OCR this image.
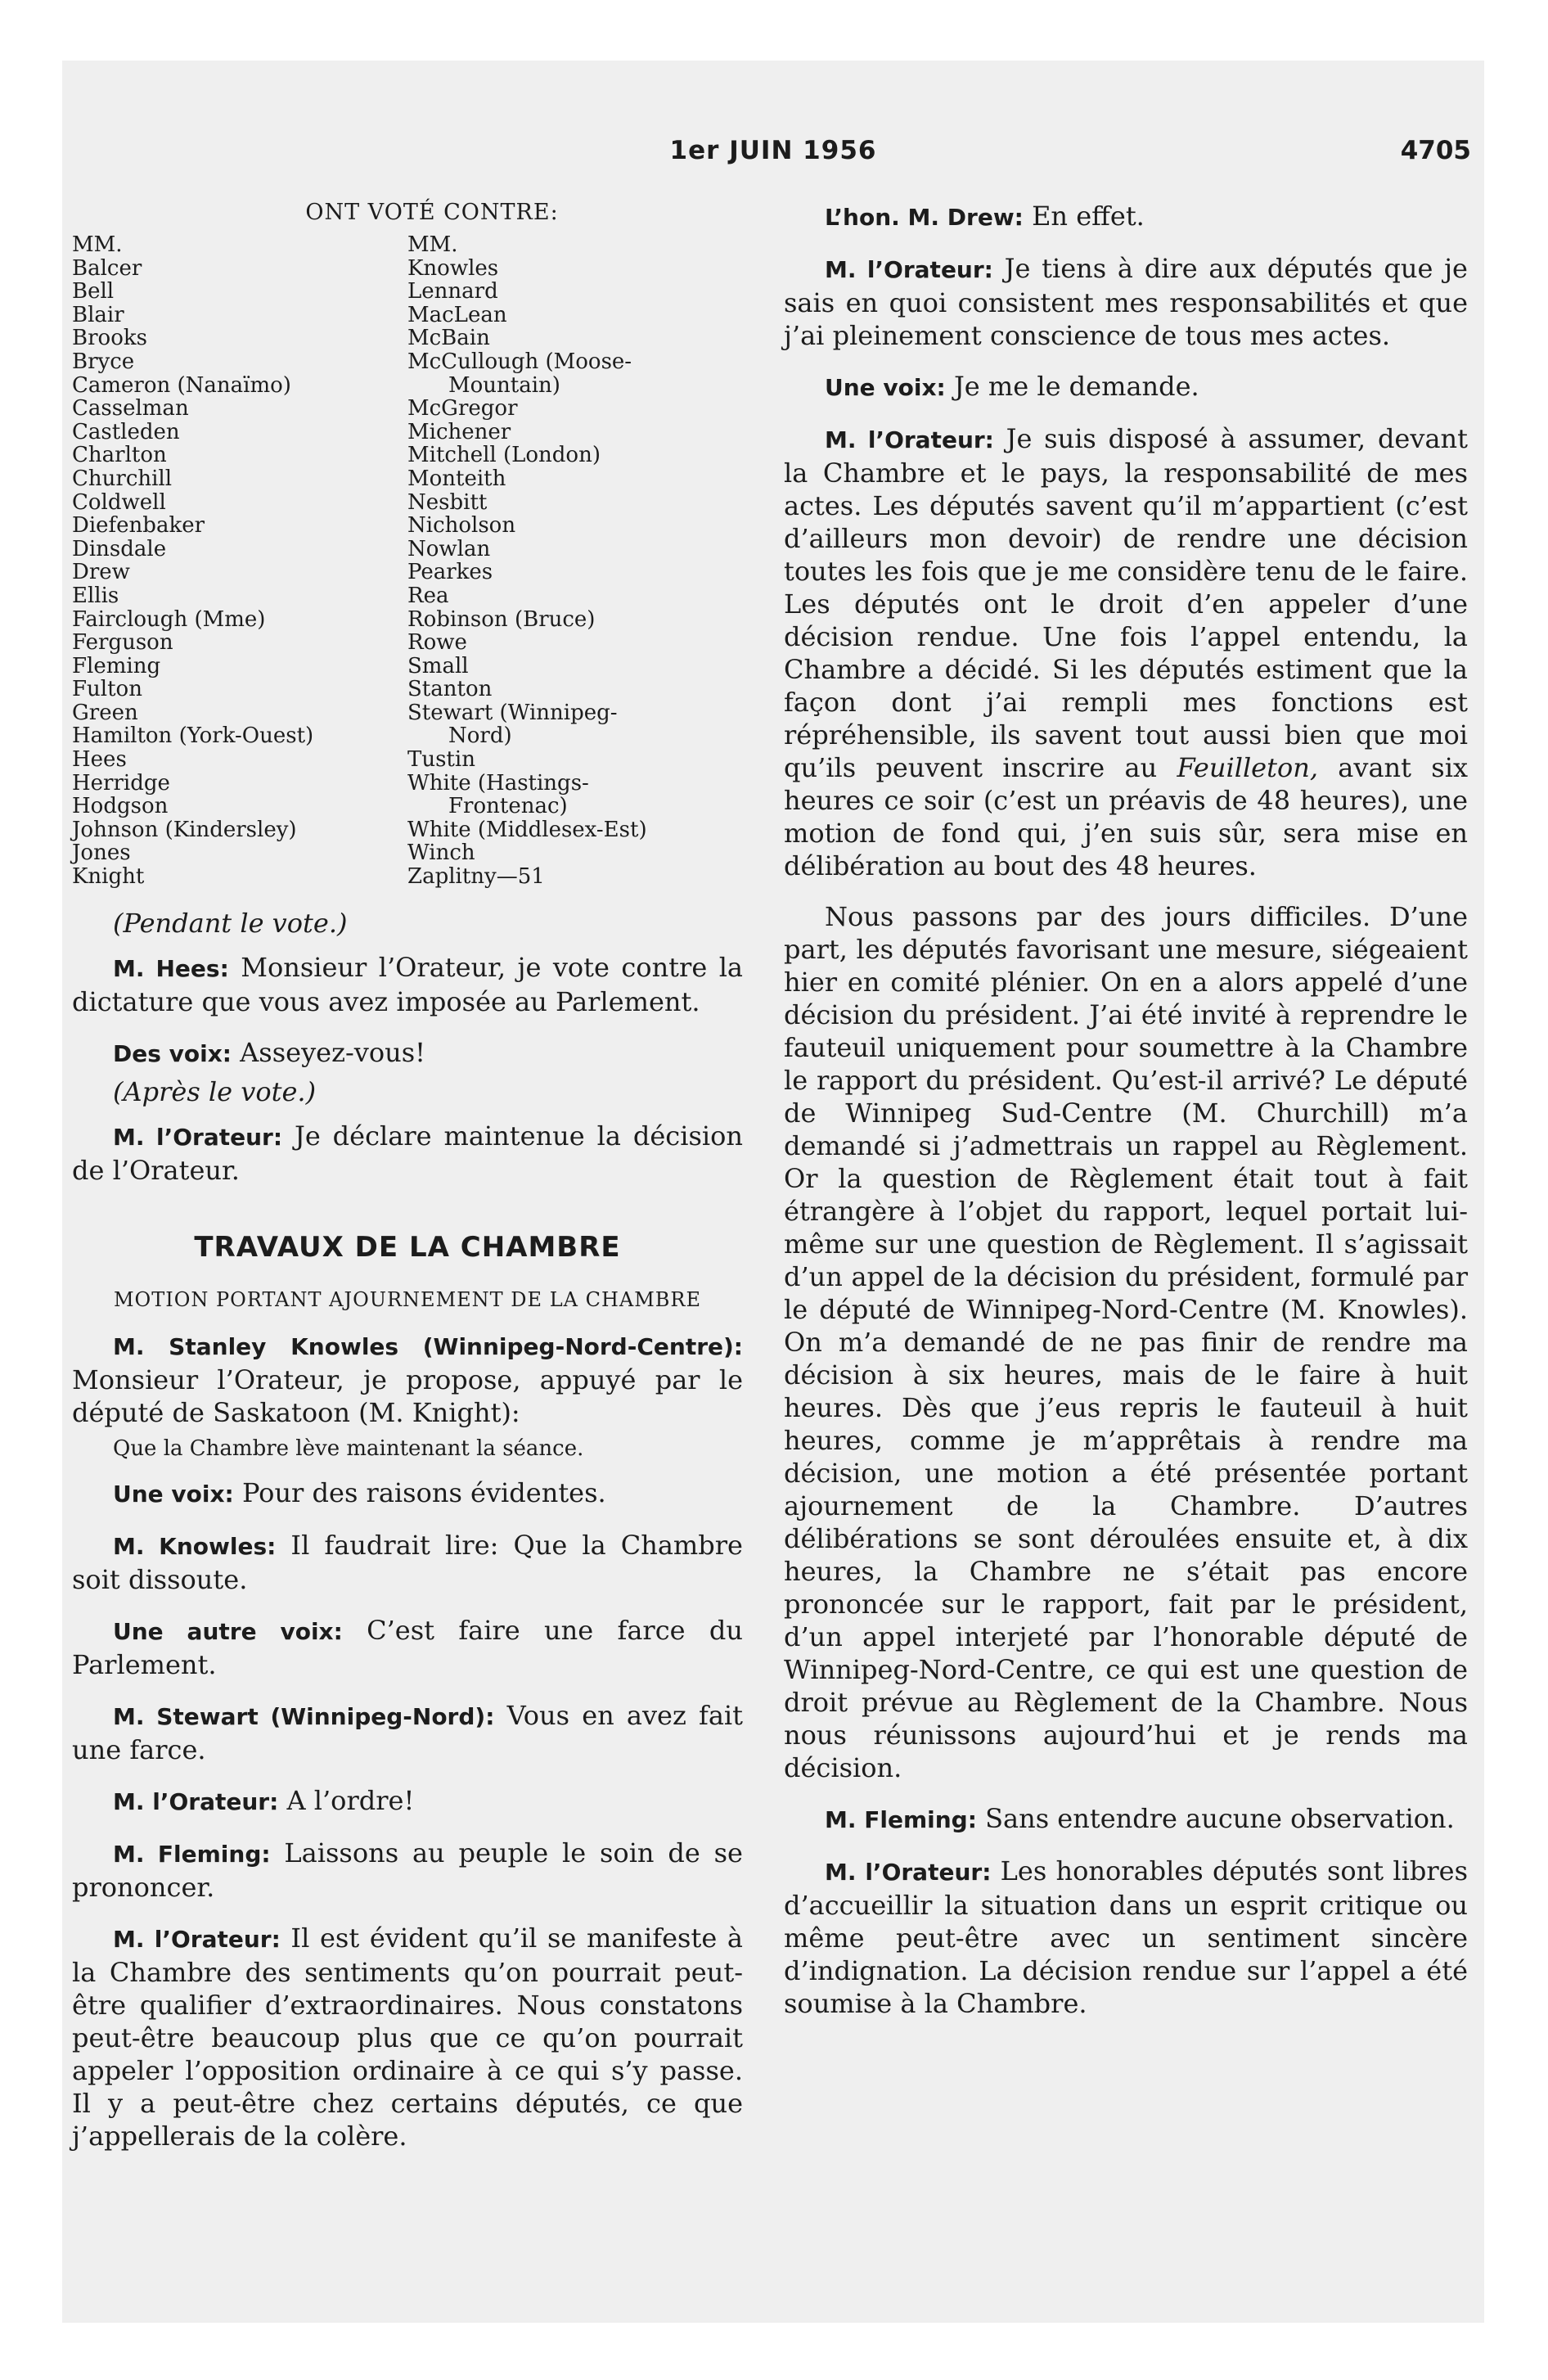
1er JUIN 1956	4705
ONT VOTÉ CONTRE:
MM.
Balcer
Bell
Blair
Brooks
Bryce
Cameron (Nanaïmo)
Casselman
Castleden
Charlton
Churchill
Coldwell
Diefenbaker
Dinsdale
Drew
Ellis
Fairclough (Mme)
Ferguson
Fleming
Fulton
Green
Hamilton (York-Ouest)
Hees
Herridge
Hodgson
Johnson (Kindersley)
Jones
Knight
MM.
Knowles
Lennard
MacLean
McBain
McCullough (Moose-
Mountain)
McGregor
Michener
Mitchell (London)
Monteith
Nesbitt
Nicholson
Nowlan
Pearkes
Rea
Robinson (Bruce)
Rowe
Small
Stanton
Stewart (Winnipeg-
Nord)
Tustin
White (Hastings-
Frontenac)
White (Middlesex-Est)
Winch
Zaplitny—51
(Pendant le vote.)

M. Hees: Monsieur l’Orateur, je vote contre la dictature que vous avez imposée au Parlement.

Des voix: Asseyez-vous!

(Après le vote.)

M. l’Orateur: Je déclare maintenue la décision de l’Orateur.

TRAVAUX DE LA CHAMBRE
MOTION PORTANT AJOURNEMENT DE LA CHAMBRE

M. Stanley Knowles (Winnipeg-Nord-Centre): Monsieur l’Orateur, je propose, appuyé par le député de Saskatoon (M. Knight):

Que la Chambre lève maintenant la séance.

Une voix: Pour des raisons évidentes.

M. Knowles: Il faudrait lire: Que la Chambre soit dissoute.

Une autre voix: C’est faire une farce du Parlement.

M. Stewart (Winnipeg-Nord): Vous en avez fait une farce.

M. l’Orateur: A l’ordre!

M. Fleming: Laissons au peuple le soin de se prononcer.

M. l’Orateur: Il est évident qu’il se manifeste à la Chambre des sentiments qu’on pourrait peut-être qualifier d’extraordinaires. Nous constatons peut-être beaucoup plus que ce qu’on pourrait appeler l’opposition ordinaire à ce qui s’y passe. Il y a peut-être chez certains députés, ce que j’appellerais de la colère.

L’hon. M. Drew: En effet.

M. l’Orateur: Je tiens à dire aux députés que je sais en quoi consistent mes responsabilités et que j’ai pleinement conscience de tous mes actes.

Une voix: Je me le demande.

M. l’Orateur: Je suis disposé à assumer, devant la Chambre et le pays, la responsabilité de mes actes. Les députés savent qu’il m’appartient (c’est d’ailleurs mon devoir) de rendre une décision toutes les fois que je me considère tenu de le faire. Les députés ont le droit d’en appeler d’une décision rendue. Une fois l’appel entendu, la Chambre a décidé. Si les députés estiment que la façon dont j’ai rempli mes fonctions est répréhensible, ils savent tout aussi bien que moi qu’ils peuvent inscrire au Feuilleton, avant six heures ce soir (c’est un préavis de 48 heures), une motion de fond qui, j’en suis sûr, sera mise en délibération au bout des 48 heures.

Nous passons par des jours difficiles. D’une part, les députés favorisant une mesure, siégeaient hier en comité plénier. On en a alors appelé d’une décision du président. J’ai été invité à reprendre le fauteuil uniquement pour soumettre à la Chambre le rapport du président. Qu’est-il arrivé? Le député de Winnipeg Sud-Centre (M. Churchill) m’a demandé si j’admettrais un rappel au Règlement. Or la question de Règlement était tout à fait étrangère à l’objet du rapport, lequel portait lui-même sur une question de Règlement. Il s’agissait d’un appel de la décision du président, formulé par le député de Winnipeg-Nord-Centre (M. Knowles). On m’a demandé de ne pas finir de rendre ma décision à six heures, mais de le faire à huit heures. Dès que j’eus repris le fauteuil à huit heures, comme je m’apprêtais à rendre ma décision, une motion a été présentée portant ajournement de la Chambre. D’autres délibérations se sont déroulées ensuite et, à dix heures, la Chambre ne s’était pas encore prononcée sur le rapport, fait par le président, d’un appel interjeté par l’honorable député de Winnipeg-Nord-Centre, ce qui est une question de droit prévue au Règlement de la Chambre. Nous nous réunissons aujourd’hui et je rends ma décision.

M. Fleming: Sans entendre aucune observation.

M. l’Orateur: Les honorables députés sont libres d’accueillir la situation dans un esprit critique ou même peut-être avec un sentiment sincère d’indignation. La décision rendue sur l’appel a été soumise à la Chambre.
